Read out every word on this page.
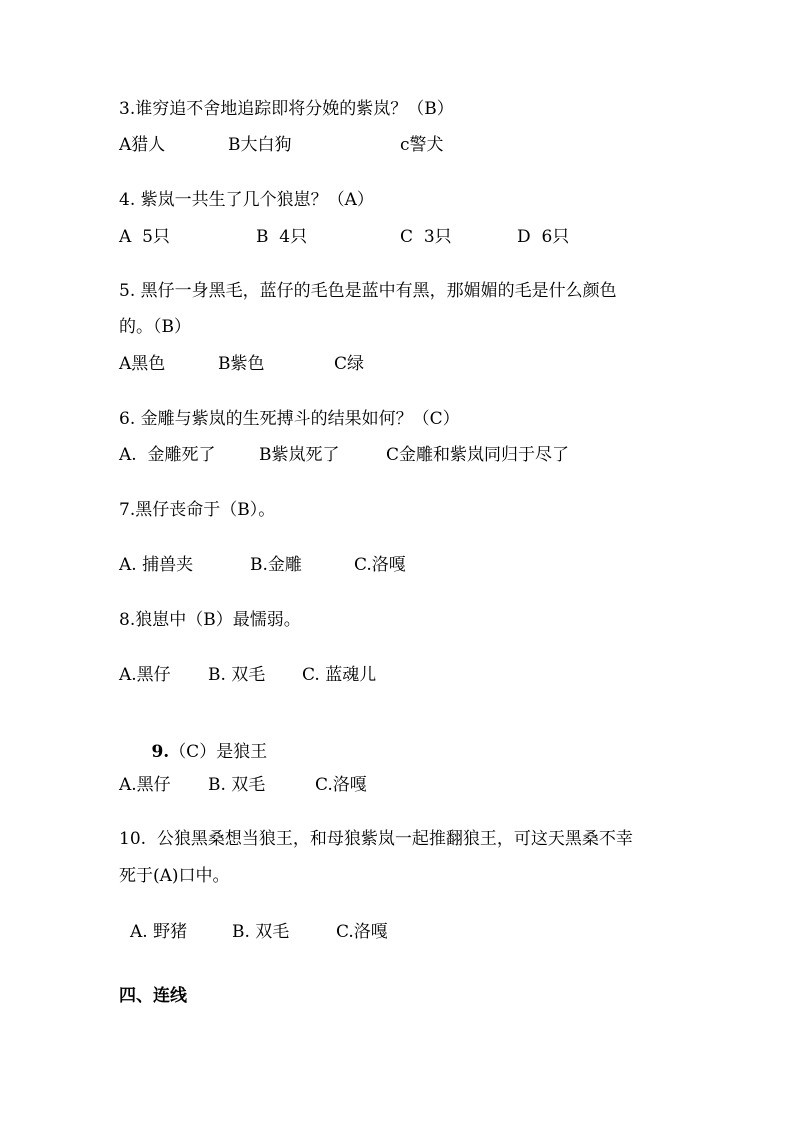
3.谁穷追不舍地追踪即将分娩的紫岚？（B）
A猎人	B大白狗	c警犬
4. 紫岚一共生了几个狼崽？（A）
A  5只	B  4只	C  3只	D  6只
5. 黑仔一身黑毛，蓝仔的毛色是蓝中有黑，那媚媚的毛是什么颜色
的。（B）
A黑色	B紫色	C绿
6. 金雕与紫岚的生死搏斗的结果如何？（C）
A.  金雕死了	B紫岚死了	C金雕和紫岚同归于尽了
7.黑仔丧命于（B）。
A. 捕兽夹	B.金雕	C.洛嘎
8.狼崽中（B）最懦弱。
A.黑仔 B. 双毛 C. 蓝魂儿

9.（C）是狼王

A.黑仔 B. 双毛	C.洛嘎
10.  公狼黑桑想当狼王，和母狼紫岚一起推翻狼王，可这天黑桑不幸
死于(A)口中。
A. 野猪	B. 双毛	C.洛嘎
四、连线
